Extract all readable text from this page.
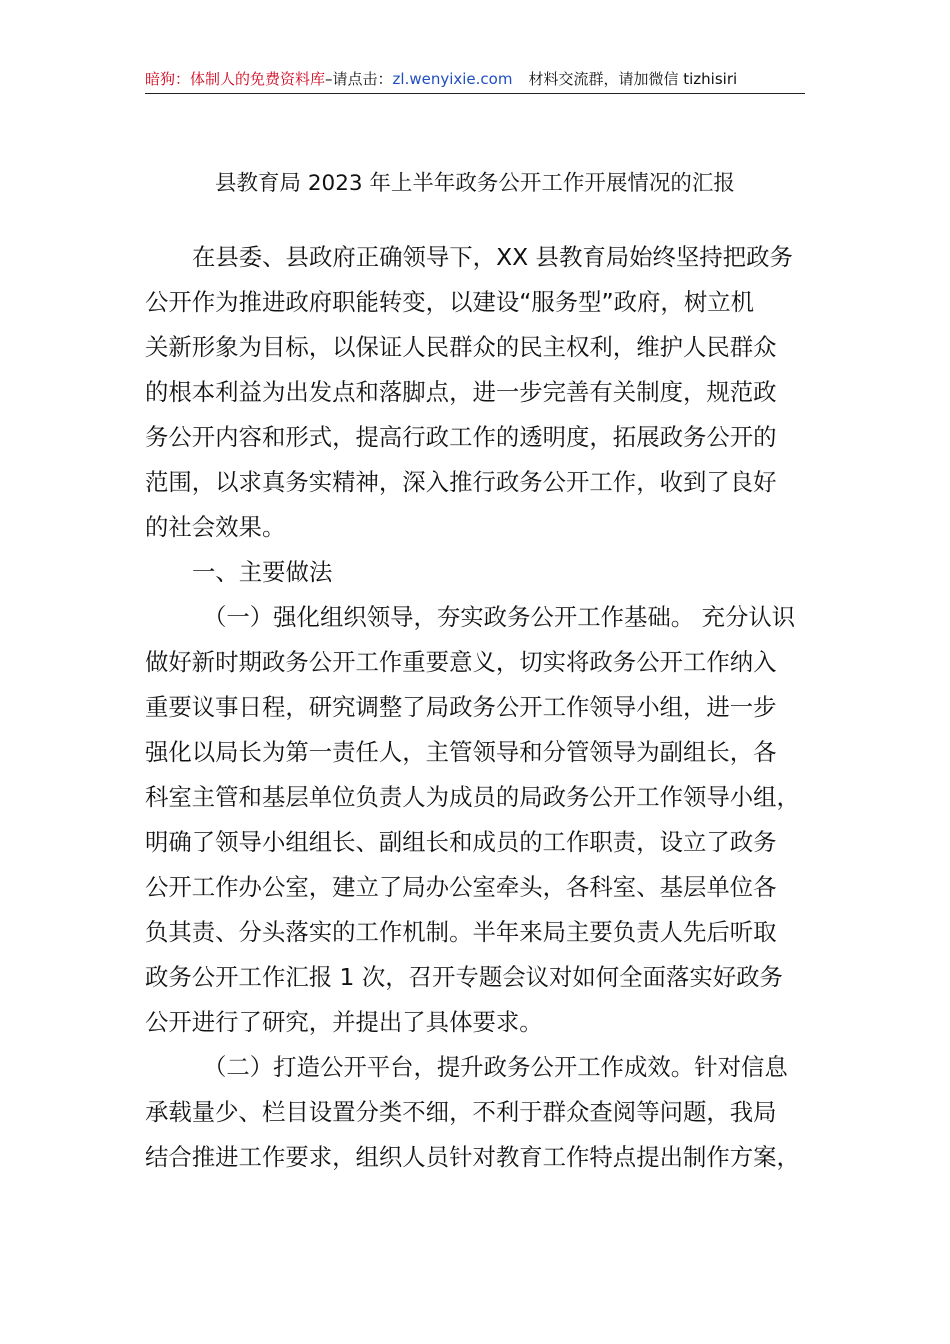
暗狗：体制人的免费资料库–请点击：zl.wenyixie.com 材料交流群，请加微信 tizhisiri
县教育局 2023 年上半年政务公开工作开展情况的汇报
在县委、县政府正确领导下，XX 县教育局始终坚持把政务
公开作为推进政府职能转变，以建设“服务型”政府，树立机
关新形象为目标，以保证人民群众的民主权利，维护人民群众
的根本利益为出发点和落脚点，进一步完善有关制度，规范政
务公开内容和形式，提高行政工作的透明度，拓展政务公开的
范围，以求真务实精神，深入推行政务公开工作，收到了良好
的社会效果。
一、主要做法
（一）强化组织领导，夯实政务公开工作基础。 充分认识
做好新时期政务公开工作重要意义，切实将政务公开工作纳入
重要议事日程，研究调整了局政务公开工作领导小组，进一步
强化以局长为第一责任人，主管领导和分管领导为副组长，各
科室主管和基层单位负责人为成员的局政务公开工作领导小组，
明确了领导小组组长、副组长和成员的工作职责，设立了政务
公开工作办公室，建立了局办公室牵头，各科室、基层单位各
负其责、分头落实的工作机制。半年来局主要负责人先后听取
政务公开工作汇报 1 次，召开专题会议对如何全面落实好政务
公开进行了研究，并提出了具体要求。
（二）打造公开平台，提升政务公开工作成效。针对信息
承载量少、栏目设置分类不细，不利于群众查阅等问题，我局
结合推进工作要求，组织人员针对教育工作特点提出制作方案，
